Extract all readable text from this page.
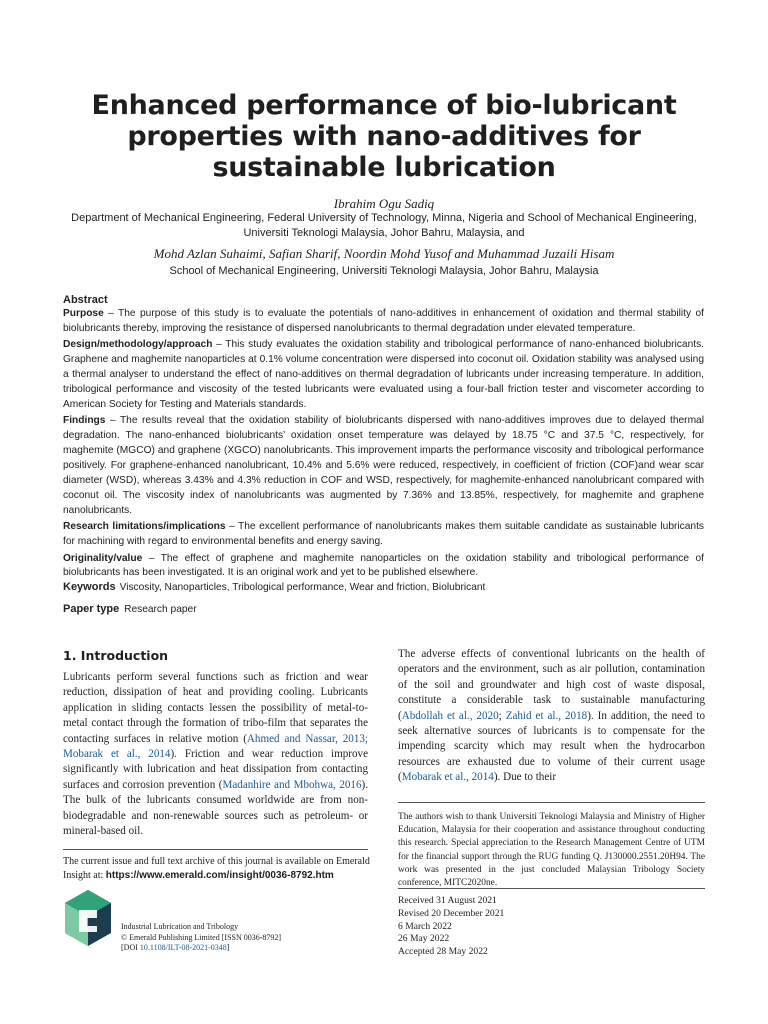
Enhanced performance of bio-lubricant properties with nano-additives for sustainable lubrication
Ibrahim Ogu Sadiq
Department of Mechanical Engineering, Federal University of Technology, Minna, Nigeria and School of Mechanical Engineering, Universiti Teknologi Malaysia, Johor Bahru, Malaysia, and
Mohd Azlan Suhaimi, Safian Sharif, Noordin Mohd Yusof and Muhammad Juzaili Hisam
School of Mechanical Engineering, Universiti Teknologi Malaysia, Johor Bahru, Malaysia
Abstract

Purpose – The purpose of this study is to evaluate the potentials of nano-additives in enhancement of oxidation and thermal stability of biolubricants thereby, improving the resistance of dispersed nanolubricants to thermal degradation under elevated temperature.

Design/methodology/approach – This study evaluates the oxidation stability and tribological performance of nano-enhanced biolubricants. Graphene and maghemite nanoparticles at 0.1% volume concentration were dispersed into coconut oil. Oxidation stability was analysed using a thermal analyser to understand the effect of nano-additives on thermal degradation of lubricants under increasing temperature. In addition, tribological performance and viscosity of the tested lubricants were evaluated using a four-ball friction tester and viscometer according to American Society for Testing and Materials standards.

Findings – The results reveal that the oxidation stability of biolubricants dispersed with nano-additives improves due to delayed thermal degradation. The nano-enhanced biolubricants’ oxidation onset temperature was delayed by 18.75 °C and 37.5 °C, respectively, for maghemite (MGCO) and graphene (XGCO) nanolubricants. This improvement imparts the performance viscosity and tribological performance positively. For graphene-enhanced nanolubricant, 10.4% and 5.6% were reduced, respectively, in coefficient of friction (COF)and wear scar diameter (WSD), whereas 3.43% and 4.3% reduction in COF and WSD, respectively, for maghemite-enhanced nanolubricant compared with coconut oil. The viscosity index of nanolubricants was augmented by 7.36% and 13.85%, respectively, for maghemite and graphene nanolubricants.

Research limitations/implications – The excellent performance of nanolubricants makes them suitable candidate as sustainable lubricants for machining with regard to environmental benefits and energy saving.

Originality/value – The effect of graphene and maghemite nanoparticles on the oxidation stability and tribological performance of biolubricants has been investigated. It is an original work and yet to be published elsewhere.

Keywords Viscosity, Nanoparticles, Tribological performance, Wear and friction, Biolubricant
Paper type Research paper
1. Introduction
Lubricants perform several functions such as friction and wear reduction, dissipation of heat and providing cooling. Lubricants application in sliding contacts lessen the possibility of metal-to-metal contact through the formation of tribo-film that separates the contacting surfaces in relative motion (Ahmed and Nassar, 2013; Mobarak et al., 2014). Friction and wear reduction improve significantly with lubrication and heat dissipation from contacting surfaces and corrosion prevention (Madanhire and Mbohwa, 2016). The bulk of the lubricants consumed worldwide are from non-biodegradable and non-renewable sources such as petroleum- or mineral-based oil.
The adverse effects of conventional lubricants on the health of operators and the environment, such as air pollution, contamination of the soil and groundwater and high cost of waste disposal, constitute a considerable task to sustainable manufacturing (Abdollah et al., 2020; Zahid et al., 2018). In addition, the need to seek alternative sources of lubricants is to compensate for the impending scarcity which may result when the hydrocarbon resources are exhausted due to volume of their current usage (Mobarak et al., 2014). Due to their
The current issue and full text archive of this journal is available on Emerald Insight at: https://www.emerald.com/insight/0036-8792.htm
Industrial Lubrication and Tribology
© Emerald Publishing Limited [ISSN 0036-8792]
[DOI 10.1108/ILT-08-2021-0348]
The authors wish to thank Universiti Teknologi Malaysia and Ministry of Higher Education, Malaysia for their cooperation and assistance throughout conducting this research. Special appreciation to the Research Management Centre of UTM for the financial support through the RUG funding Q. J130000.2551.20H94. The work was presented in the just concluded Malaysian Tribology Society conference, MITC2020ne.
Received 31 August 2021
Revised 20 December 2021
6 March 2022
26 May 2022
Accepted 28 May 2022
